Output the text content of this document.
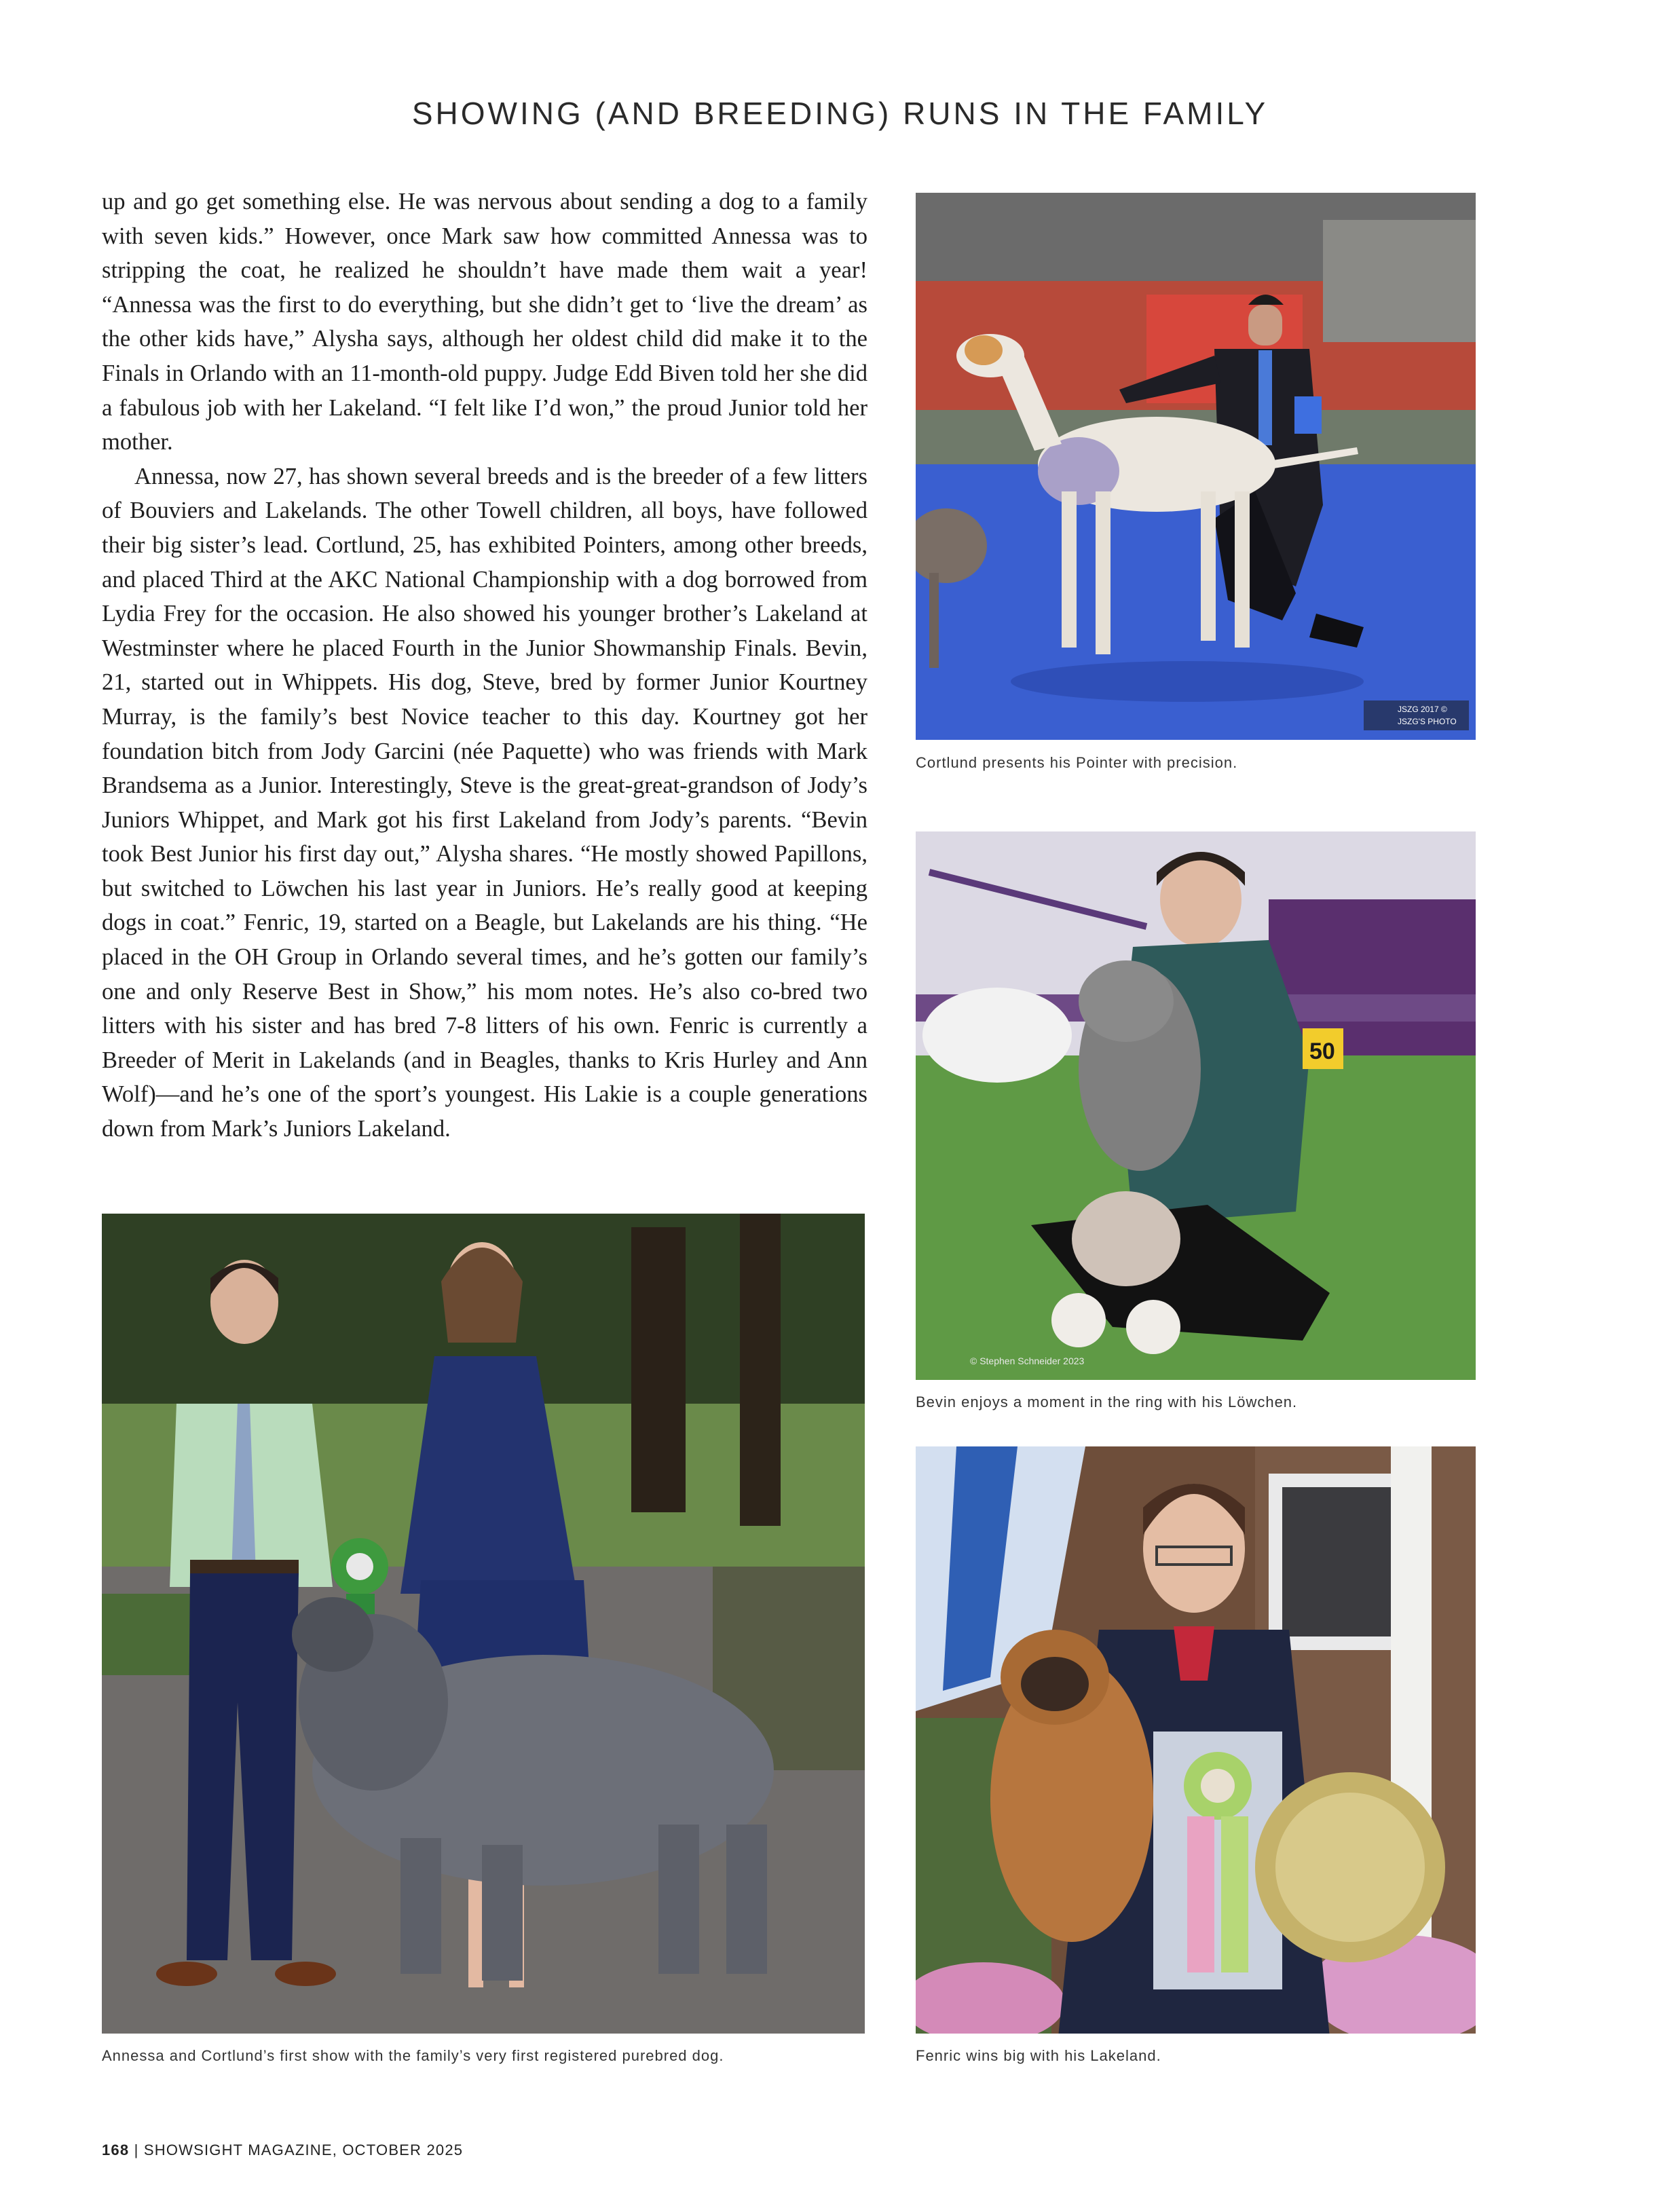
SHOWING (AND BREEDING) RUNS IN THE FAMILY

up and go get something else. He was nervous about sending a dog to a family with seven kids.” However, once Mark saw how committed Annessa was to stripping the coat, he realized he shouldn’t have made them wait a year! “Annessa was the first to do everything, but she didn’t get to ‘live the dream’ as the other kids have,” Alysha says, although her oldest child did make it to the Finals in Orlando with an 11-month-old puppy. Judge Edd Biven told her she did a fabulous job with her Lakeland. “I felt like I’d won,” the proud Junior told her mother.

Annessa, now 27, has shown several breeds and is the breeder of a few litters of Bouviers and Lakelands. The other Towell children, all boys, have followed their big sister’s lead. Cortlund, 25, has exhibited Pointers, among other breeds, and placed Third at the AKC National Championship with a dog borrowed from Lydia Frey for the occasion. He also showed his younger brother’s Lakeland at Westminster where he placed Fourth in the Junior Showmanship Finals. Bevin, 21, started out in Whippets. His dog, Steve, bred by former Junior Kourtney Murray, is the family’s best Novice teacher to this day. Kourtney got her foundation bitch from Jody Garcini (née Paquette) who was friends with Mark Brandsema as a Junior. Interestingly, Steve is the great-great-grandson of Jody’s Juniors Whippet, and Mark got his first Lakeland from Jody’s parents. “Bevin took Best Junior his first day out,” Alysha shares. “He mostly showed Papillons, but switched to Löwchen his last year in Juniors. He’s really good at keeping dogs in coat.” Fenric, 19, started on a Beagle, but Lakelands are his thing. “He placed in the OH Group in Orlando several times, and he’s gotten our family’s one and only Reserve Best in Show,” his mom notes. He’s also co-bred two litters with his sister and has bred 7-8 litters of his own. Fenric is currently a Breeder of Merit in Lakelands (and in Beagles, thanks to Kris Hurley and Ann Wolf)—and he’s one of the sport’s youngest. His Lakie is a couple generations down from Mark’s Juniors Lakeland.

JSZG 2017 ©
JSZG'S PHOTO
Cortlund presents his Pointer with precision.
50
© Stephen Schneider 2023
Bevin enjoys a moment in the ring with his Löwchen.
Annessa and Cortlund’s first show with the family’s very first registered purebred dog.	Fenric wins big with his Lakeland.
168 | SHOWSIGHT MAGAZINE, OCTOBER 2025
